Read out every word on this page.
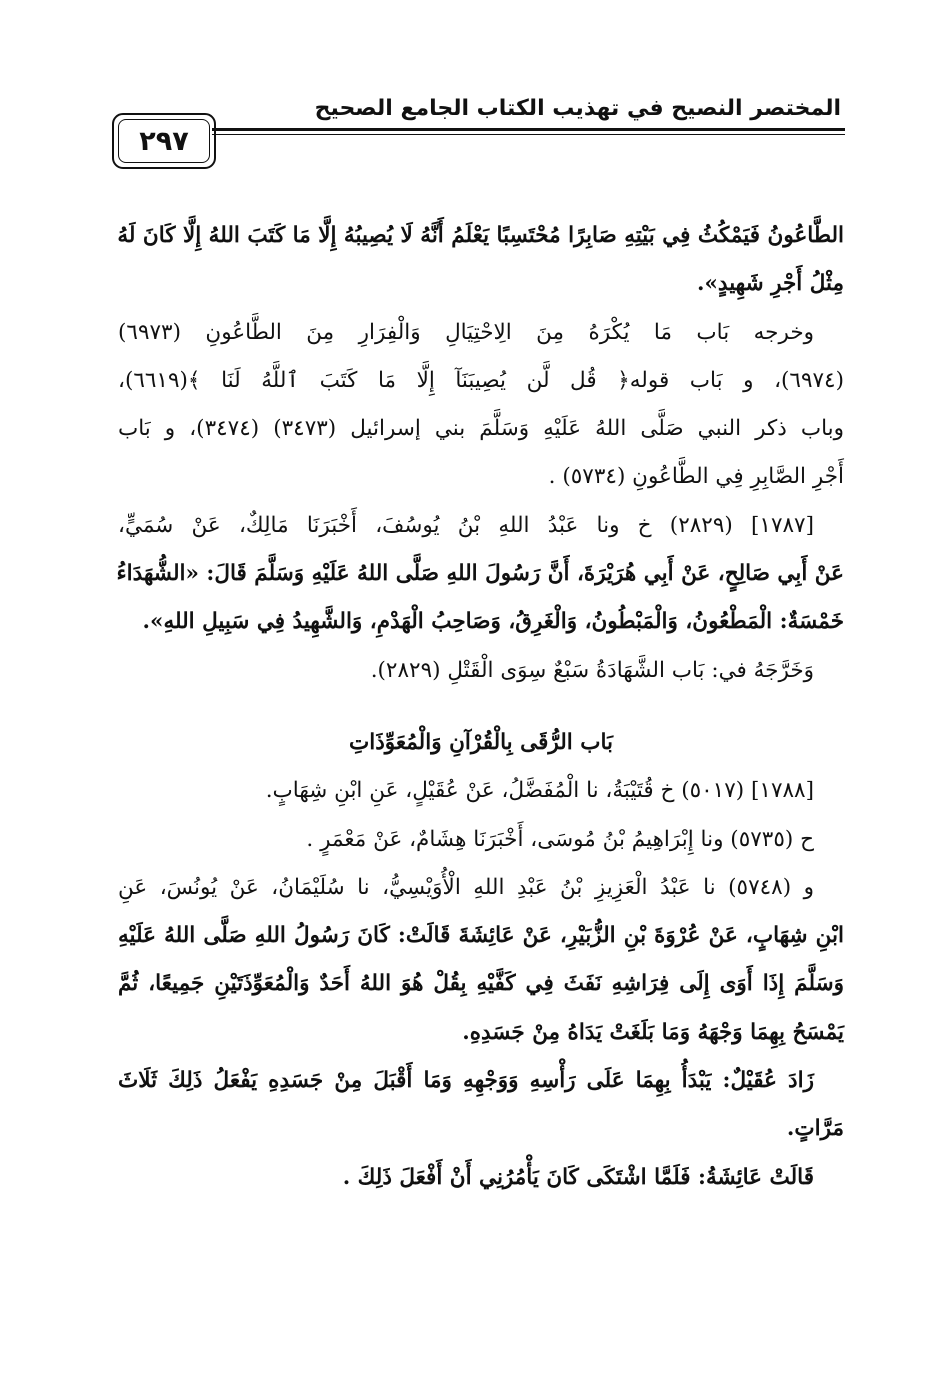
المختصر النصيح في تهذيب الكتاب الجامع الصحيح
٢٩٧
الطَّاعُونُ فَيَمْكُثُ فِي بَيْتِهِ صَابِرًا مُحْتَسِبًا يَعْلَمُ أَنَّهُ لَا يُصِيبُهُ إِلَّا مَا كَتَبَ اللهُ إِلَّا كَانَ لَهُ
مِثْلُ أَجْرِ شَهِيدٍ».
وخرجه بَاب مَا يُكْرَهُ مِنَ الِاحْتِيَالِ وَالْفِرَارِ مِنَ الطَّاعُونِ (٦٩٧٣)
(٦٩٧٤)، و بَاب قوله﴿ قُل لَّن يُصِيبَنَآ إِلَّا مَا كَتَبَ ٱللَّهُ لَنَا ﴾(٦٦١٩)،
وباب ذكر النبي صَلَّى اللهُ عَلَيْهِ وَسَلَّمَ بني إسرائيل (٣٤٧٣) (٣٤٧٤)، و بَاب
أَجْرِ الصَّابِرِ فِي الطَّاعُونِ (٥٧٣٤) .
[١٧٨٧] (٢٨٢٩) خ ونا عَبْدُ اللهِ بْنُ يُوسُفَ، أَخْبَرَنَا مَالِكٌ، عَنْ سُمَيٍّ،
عَنْ أَبِي صَالِحٍ، عَنْ أَبِي هُرَيْرَةَ، أَنَّ رَسُولَ اللهِ صَلَّى اللهُ عَلَيْهِ وَسَلَّمَ قَالَ: «الشُّهَدَاءُ
خَمْسَةٌ: الْمَطْعُونُ، وَالْمَبْطُونُ، وَالْغَرِقُ، وَصَاحِبُ الْهَدْمِ، وَالشَّهِيدُ فِي سَبِيلِ اللهِ».
وَخَرَّجَهُ في: بَاب الشَّهَادَةُ سَبْعٌ سِوَى الْقَتْلِ (٢٨٢٩).
بَاب الرُّقَى بِالْقُرْآنِ وَالْمُعَوِّذَاتِ
[١٧٨٨] (٥٠١٧) خ قُتَيْبَةُ، نا الْمُفَضَّلُ، عَنْ عُقَيْلٍ، عَنِ ابْنِ شِهَابٍ.
ح (٥٧٣٥) ونا إِبْرَاهِيمُ بْنُ مُوسَى، أَخْبَرَنَا هِشَامٌ، عَنْ مَعْمَرٍ .
و (٥٧٤٨) نا عَبْدُ الْعَزِيزِ بْنُ عَبْدِ اللهِ الْأُوَيْسِيُّ، نا سُلَيْمَانُ، عَنْ يُونُسَ، عَنِ
ابْنِ شِهَابٍ، عَنْ عُرْوَةَ بْنِ الزُّبَيْرِ، عَنْ عَائِشَةَ قَالَتْ: كَانَ رَسُولُ اللهِ صَلَّى اللهُ عَلَيْهِ
وَسَلَّمَ إِذَا أَوَى إِلَى فِرَاشِهِ نَفَثَ فِي كَفَّيْهِ بِقُلْ هُوَ اللهُ أَحَدٌ وَالْمُعَوِّذَتَيْنِ جَمِيعًا، ثُمَّ
يَمْسَحُ بِهِمَا وَجْهَهُ وَمَا بَلَغَتْ يَدَاهُ مِنْ جَسَدِهِ.
زَادَ عُقَيْلٌ: يَبْدَأُ بِهِمَا عَلَى رَأْسِهِ وَوَجْهِهِ وَمَا أَقْبَلَ مِنْ جَسَدِهِ يَفْعَلُ ذَلِكَ ثَلَاثَ
مَرَّاتٍ.
قَالَتْ عَائِشَةُ: فَلَمَّا اشْتَكَى كَانَ يَأْمُرُنِي أَنْ أَفْعَلَ ذَلِكَ .
